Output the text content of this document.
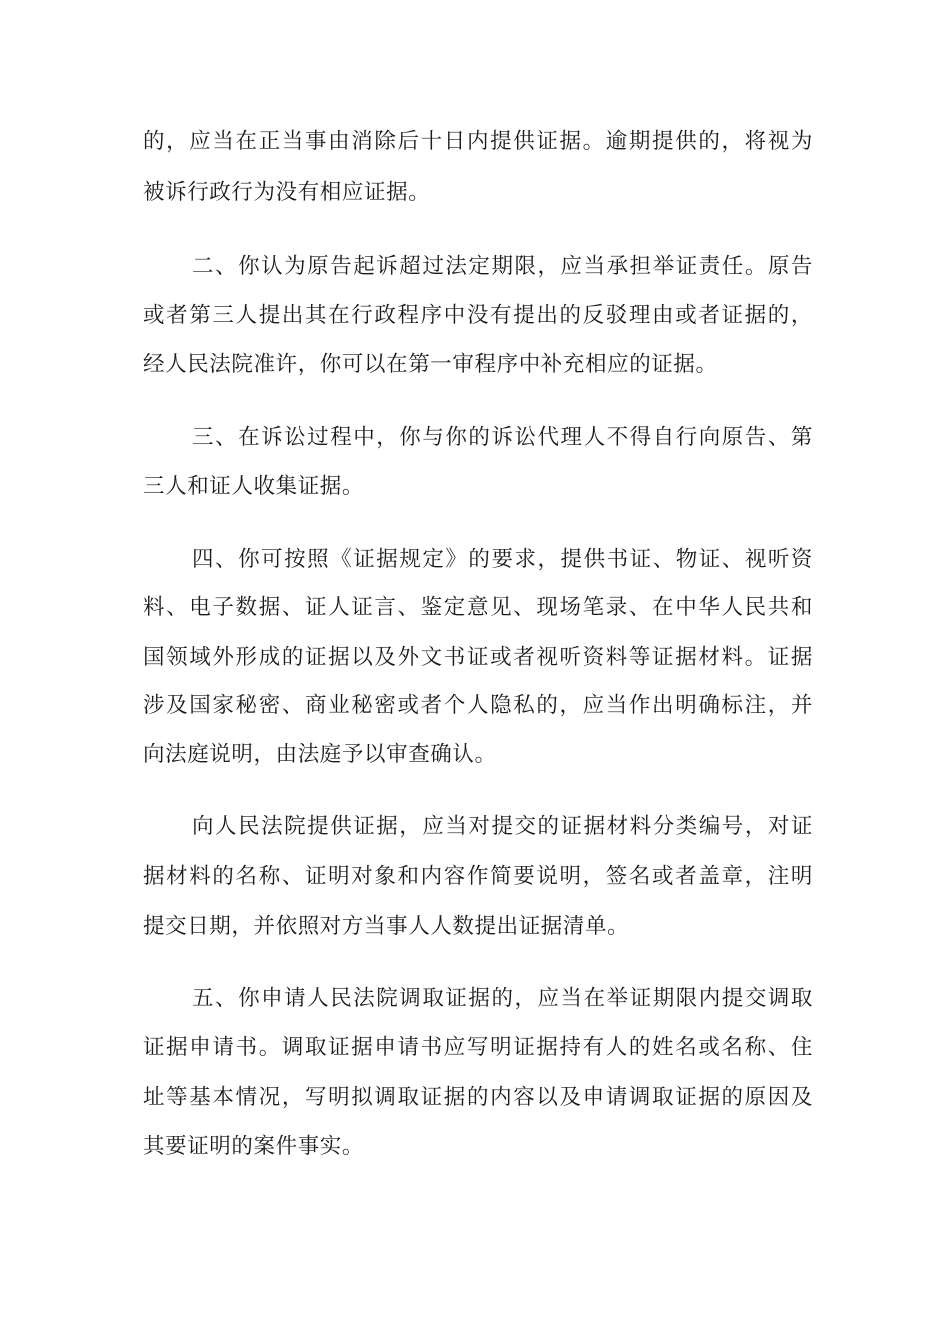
的，应当在正当事由消除后十日内提供证据。逾期提供的，将视为
被诉行政行为没有相应证据。
二、你认为原告起诉超过法定期限，应当承担举证责任。原告
或者第三人提出其在行政程序中没有提出的反驳理由或者证据的，
经人民法院准许，你可以在第一审程序中补充相应的证据。
三、在诉讼过程中，你与你的诉讼代理人不得自行向原告、第
三人和证人收集证据。
四、你可按照《证据规定》的要求，提供书证、物证、视听资
料、电子数据、证人证言、鉴定意见、现场笔录、在中华人民共和
国领域外形成的证据以及外文书证或者视听资料等证据材料。证据
涉及国家秘密、商业秘密或者个人隐私的，应当作出明确标注，并
向法庭说明，由法庭予以审查确认。
向人民法院提供证据，应当对提交的证据材料分类编号，对证
据材料的名称、证明对象和内容作简要说明，签名或者盖章，注明
提交日期，并依照对方当事人人数提出证据清单。
五、你申请人民法院调取证据的，应当在举证期限内提交调取
证据申请书。调取证据申请书应写明证据持有人的姓名或名称、住
址等基本情况，写明拟调取证据的内容以及申请调取证据的原因及
其要证明的案件事实。
